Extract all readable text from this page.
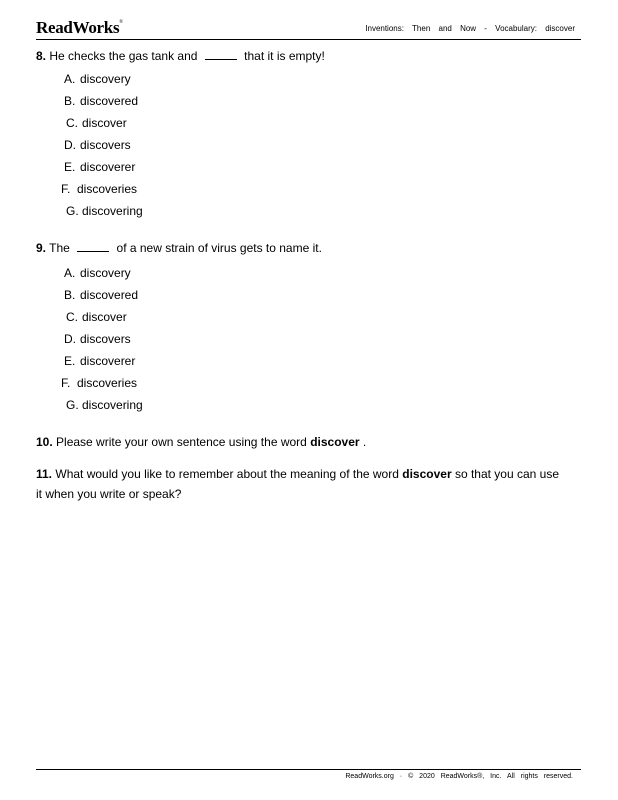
ReadWorks®
Inventions: Then and Now - Vocabulary: discover
8. He checks the gas tank and	that it is empty!
A. discovery
B. discovered
C. discover
D. discovers
E. discoverer
F. discoveries
G. discovering
9. The	of a new strain of virus gets to name it.
A. discovery
B. discovered
C. discover
D. discovers
E. discoverer
F. discoveries
G. discovering
10. Please write your own sentence using the word discover .
11. What would you like to remember about the meaning of the word discover so that you can use it when you write or speak?
ReadWorks.org · © 2020 ReadWorks®, Inc. All rights reserved.
